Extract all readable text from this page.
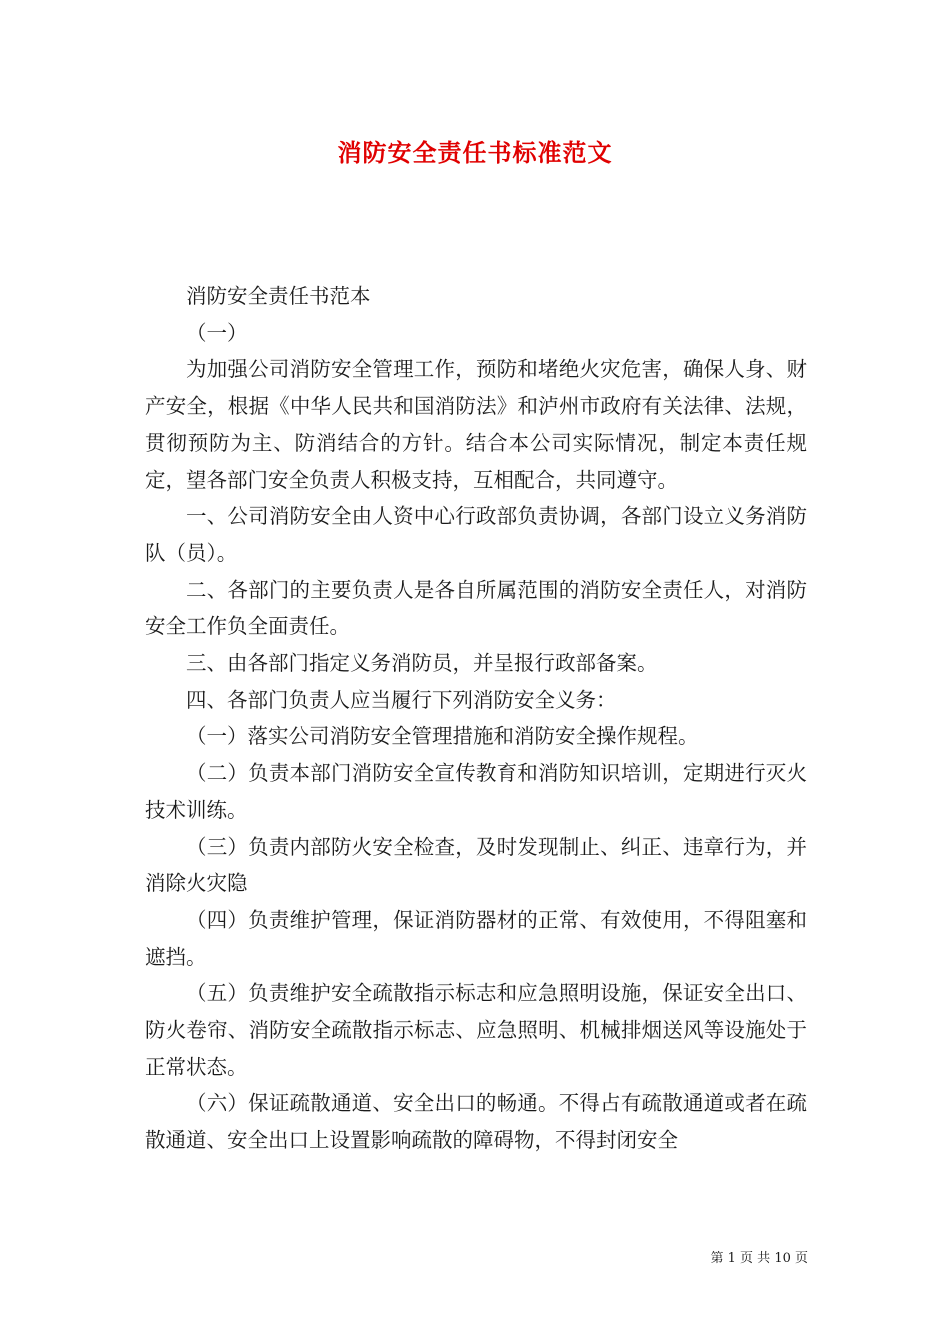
消防安全责任书标准范文

消防安全责任书范本

（一）

为加强公司消防安全管理工作，预防和堵绝火灾危害，确保人身、财产安全，根据《中华人民共和国消防法》和泸州市政府有关法律、法规，贯彻预防为主、防消结合的方针。结合本公司实际情况，制定本责任规定，望各部门安全负责人积极支持，互相配合，共同遵守。

一、公司消防安全由人资中心行政部负责协调，各部门设立义务消防队（员）。

二、各部门的主要负责人是各自所属范围的消防安全责任人，对消防安全工作负全面责任。

三、由各部门指定义务消防员，并呈报行政部备案。

四、各部门负责人应当履行下列消防安全义务：

（一）落实公司消防安全管理措施和消防安全操作规程。

（二）负责本部门消防安全宣传教育和消防知识培训，定期进行灭火技术训练。

（三）负责内部防火安全检查，及时发现制止、纠正、违章行为，并消除火灾隐

（四）负责维护管理，保证消防器材的正常、有效使用，不得阻塞和遮挡。

（五）负责维护安全疏散指示标志和应急照明设施，保证安全出口、防火卷帘、消防安全疏散指示标志、应急照明、机械排烟送风等设施处于正常状态。

（六）保证疏散通道、安全出口的畅通。不得占有疏散通道或者在疏散通道、安全出口上设置影响疏散的障碍物，不得封闭安全

第 1 页 共 10 页
